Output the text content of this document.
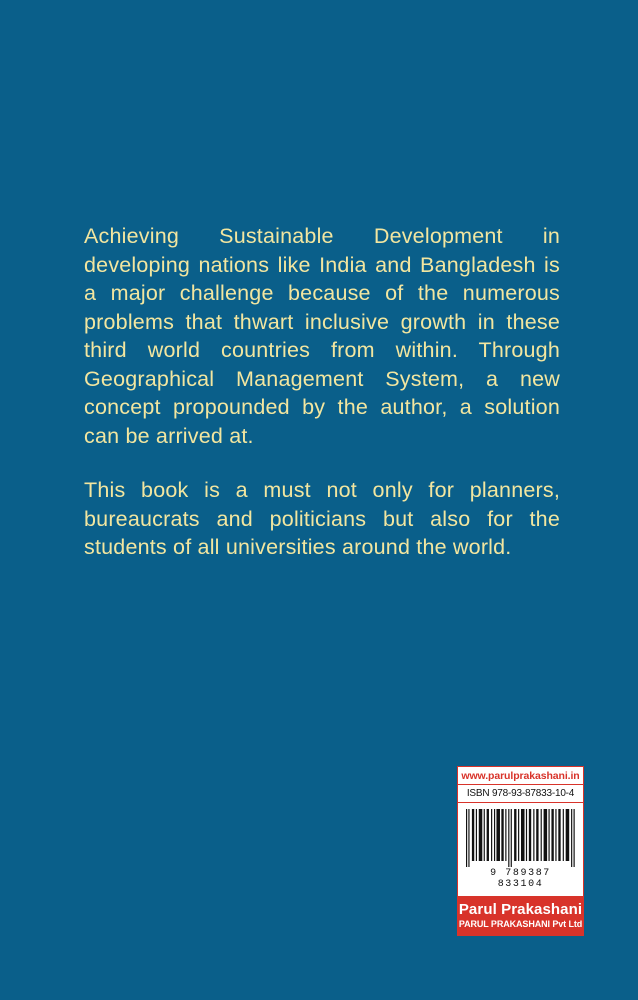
Achieving Sustainable Development in developing nations like India and Bangladesh is a major challenge because of the numerous problems that thwart inclusive growth in these third world countries from within. Through Geographical Management System, a new concept propounded by the author, a solution can be arrived at.

This book is a must not only for planners, bureaucrats and politicians but also for the students of all universities around the world.

www.parulprakashani.in
ISBN 978-93-87833-10-4
9 789387 833104
Parul Prakashani
PARUL PRAKASHANI Pvt Ltd
